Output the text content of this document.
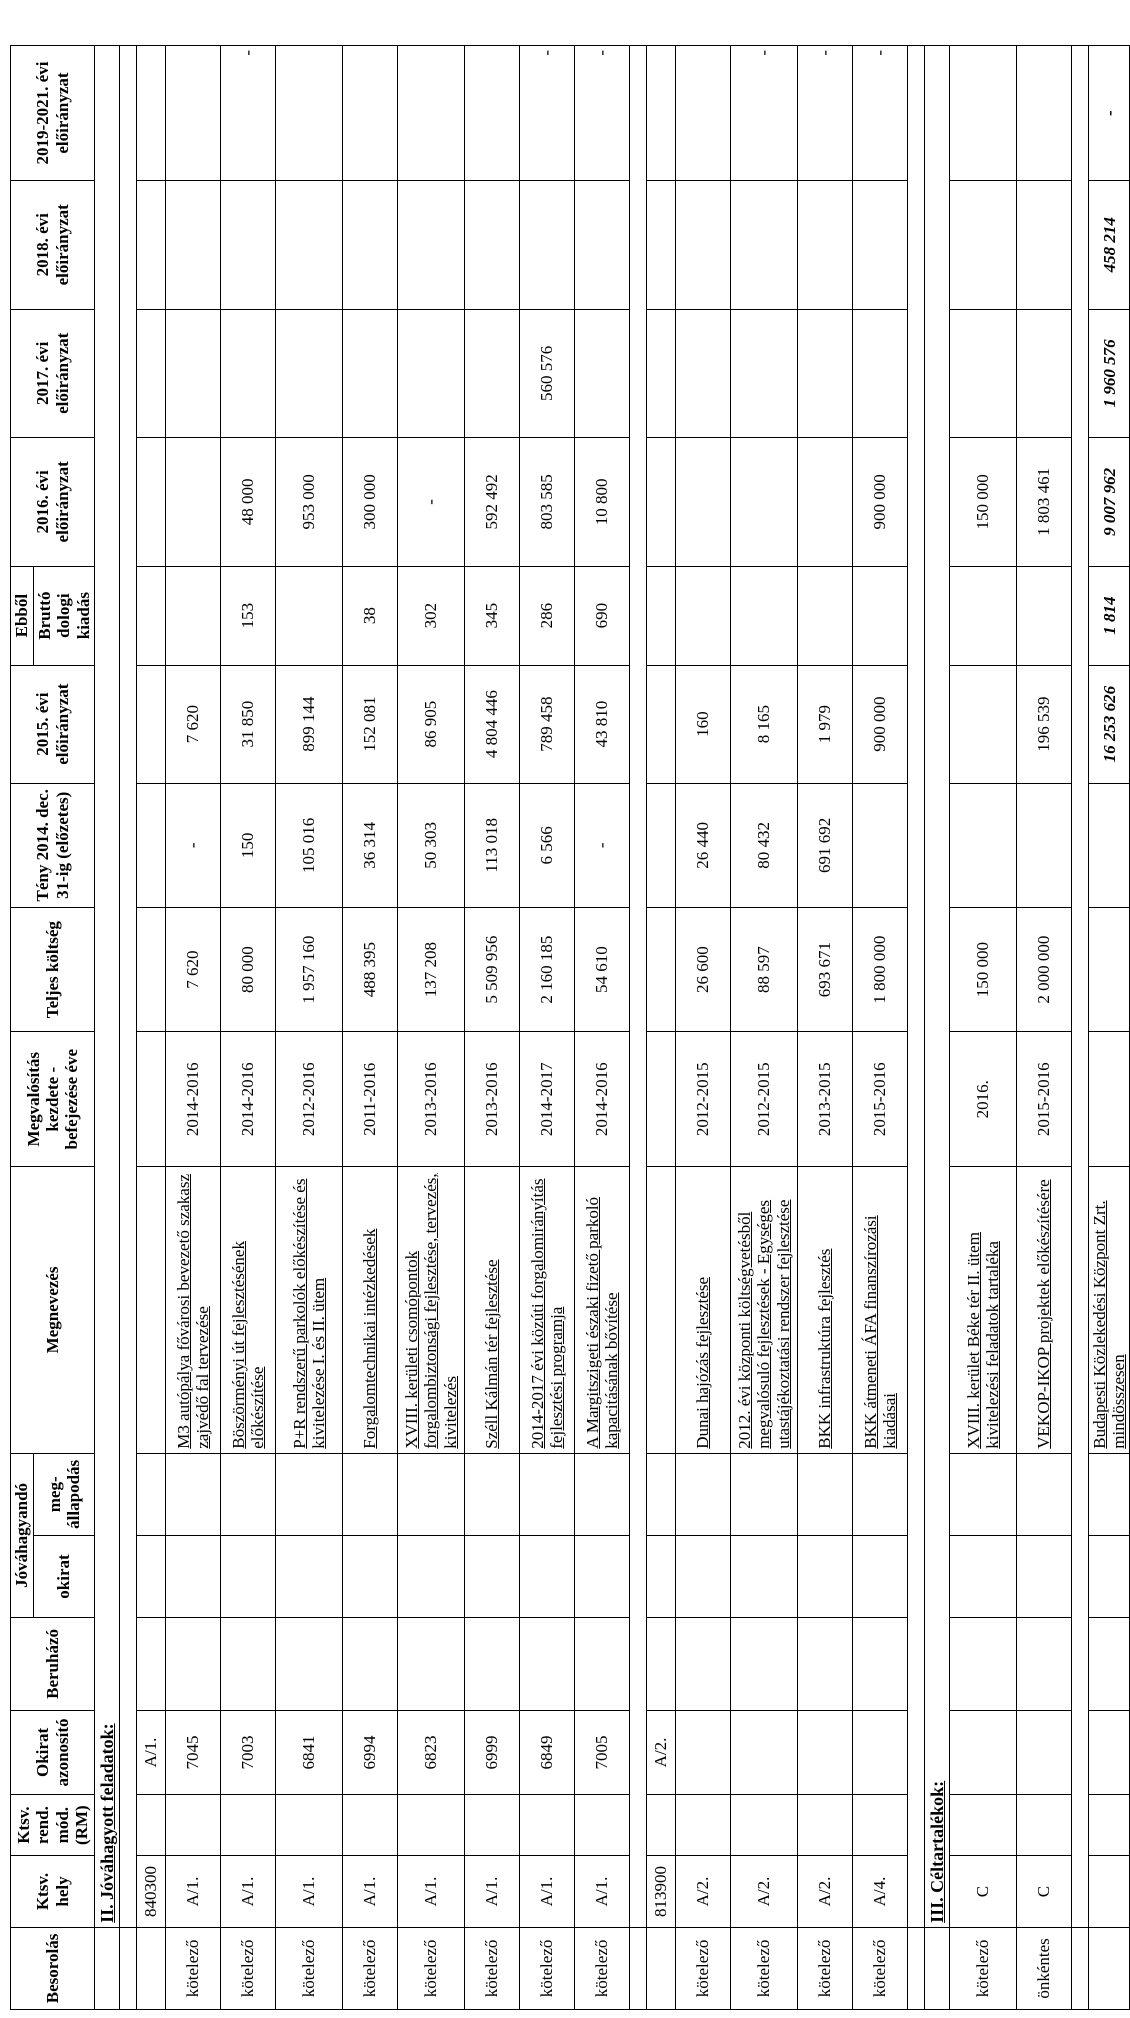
Besorolás	Ktsv. hely	Ktsv. rend. mód. (RM)	Okirat azonosító	Beruházó	Jóváhagyandó		Megnevezés	Megvalósítás kezdete - befejezése éve	Teljes költség	Tény 2014. dec. 31-ig (előzetes)	2015. évi előirányzat	Ebből	2016. évi előirányzat	2017. évi előirányzat	2018. évi előirányzat	2019-2021. évi előirányzat
					okirat	meg-állapodás						Bruttó dologi kiadás				
	II. Jóváhagyott feladatok:															

	840300		A/1.													
kötelező	A/1.		7045				M3 autópálya fővárosi bevezető szakasz zajvédő fal tervezése	2014-2016	7 620	-	7 620					
kötelező	A/1.		7003				Böszörményi út fejlesztésének előkészítése	2014-2016	80 000	150	31 850	153	48 000			-
kötelező	A/1.		6841				P+R rendszerű parkolók előkészítése és kivitelezése I. és II. ütem	2012-2016	1 957 160	105 016	899 144		953 000			
kötelező	A/1.		6994				Forgalomtechnikai intézkedések	2011-2016	488 395	36 314	152 081	38	300 000			
kötelező	A/1.		6823				XVIII. kerületi csomópontok forgalombiztonsági fejlesztése, tervezés, kivitelezés	2013-2016	137 208	50 303	86 905	302	-			
kötelező	A/1.		6999				Széll Kálmán tér fejlesztése	2013-2016	5 509 956	113 018	4 804 446	345	592 492			
kötelező	A/1.		6849				2014-2017 évi közúti forgalomirányítás fejlesztési programja	2014-2017	2 160 185	6 566	789 458	286	803 585	560 576		-
kötelező	A/1.		7005				A Margitszigeti északi fizető parkoló kapacitásának bővítése	2014-2016	54 610	-	43 810	690	10 800			-

	813900		A/2.													
kötelező	A/2.						Dunai hajózás fejlesztése	2012-2015	26 600	26 440	160					
kötelező	A/2.						2012. évi központi költségvetésből megvalósuló fejlesztések - Egységes utastájékoztatási rendszer fejlesztése	2012-2015	88 597	80 432	8 165					-
kötelező	A/2.						BKK infrastruktúra fejlesztés	2013-2015	693 671	691 692	1 979					-
kötelező	A/4.						BKK átmeneti ÁFA finanszírozási kiadásai	2015-2016	1 800 000		900 000		900 000			-

	III. Céltartalékok:															
kötelező	C						XVIII. kerület Béke tér II. ütem kivitelezési feladatok tartaléka	2016.	150 000				150 000			
önkéntes	C						VEKOP-IKOP projektek előkészítésére	2015-2016	2 000 000		196 539		1 803 461			

							Budapesti Közlekedési Központ Zrt. mindösszesen				16 253 626	1 814	9 007 962	1 960 576	458 214	-
